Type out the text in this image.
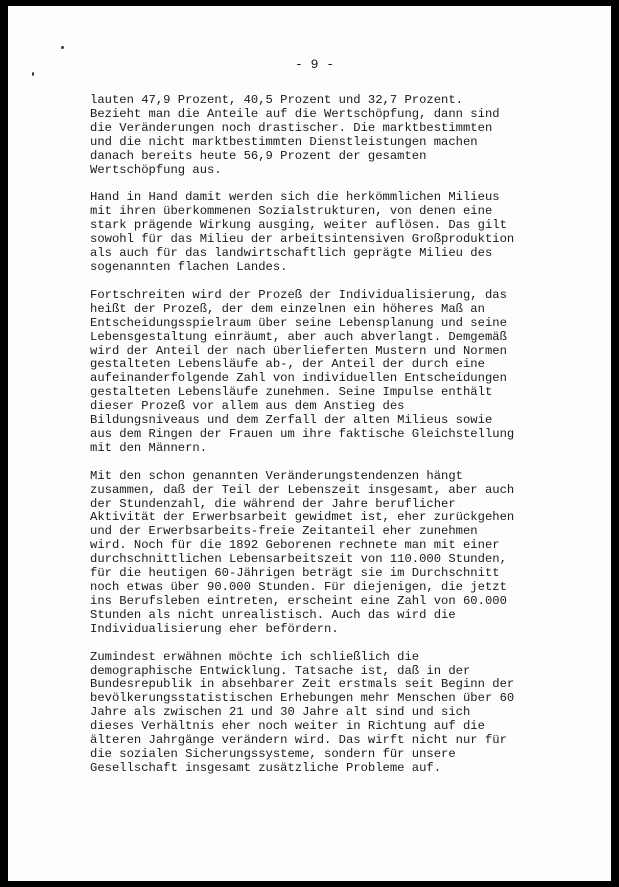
- 9 -

lauten 47,9 Prozent, 40,5 Prozent und 32,7 Prozent.
Bezieht man die Anteile auf die Wertschöpfung, dann sind
die Veränderungen noch drastischer. Die marktbestimmten
und die nicht marktbestimmten Dienstleistungen machen
danach bereits heute 56,9 Prozent der gesamten
Wertschöpfung aus.

Hand in Hand damit werden sich die herkömmlichen Milieus
mit ihren überkommenen Sozialstrukturen, von denen eine
stark prägende Wirkung ausging, weiter auflösen. Das gilt
sowohl für das Milieu der arbeitsintensiven Großproduktion
als auch für das landwirtschaftlich geprägte Milieu des
sogenannten flachen Landes.

Fortschreiten wird der Prozeß der Individualisierung, das
heißt der Prozeß, der dem einzelnen ein höheres Maß an
Entscheidungsspielraum über seine Lebensplanung und seine
Lebensgestaltung einräumt, aber auch abverlangt. Demgemäß
wird der Anteil der nach überlieferten Mustern und Normen
gestalteten Lebensläufe ab-, der Anteil der durch eine
aufeinanderfolgende Zahl von individuellen Entscheidungen
gestalteten Lebensläufe zunehmen. Seine Impulse enthält
dieser Prozeß vor allem aus dem Anstieg des
Bildungsniveaus und dem Zerfall der alten Milieus sowie
aus dem Ringen der Frauen um ihre faktische Gleichstellung
mit den Männern.

Mit den schon genannten Veränderungstendenzen hängt
zusammen, daß der Teil der Lebenszeit insgesamt, aber auch
der Stundenzahl, die während der Jahre beruflicher
Aktivität der Erwerbsarbeit gewidmet ist, eher zurückgehen
und der Erwerbsarbeits-freie Zeitanteil eher zunehmen
wird. Noch für die 1892 Geborenen rechnete man mit einer
durchschnittlichen Lebensarbeitszeit von 110.000 Stunden,
für die heutigen 60-Jährigen beträgt sie im Durchschnitt
noch etwas über 90.000 Stunden. Für diejenigen, die jetzt
ins Berufsleben eintreten, erscheint eine Zahl von 60.000
Stunden als nicht unrealistisch. Auch das wird die
Individualisierung eher befördern.

Zumindest erwähnen möchte ich schließlich die
demographische Entwicklung. Tatsache ist, daß in der
Bundesrepublik in absehbarer Zeit erstmals seit Beginn der
bevölkerungsstatistischen Erhebungen mehr Menschen über 60
Jahre als zwischen 21 und 30 Jahre alt sind und sich
dieses Verhältnis eher noch weiter in Richtung auf die
älteren Jahrgänge verändern wird. Das wirft nicht nur für
die sozialen Sicherungssysteme, sondern für unsere
Gesellschaft insgesamt zusätzliche Probleme auf.
